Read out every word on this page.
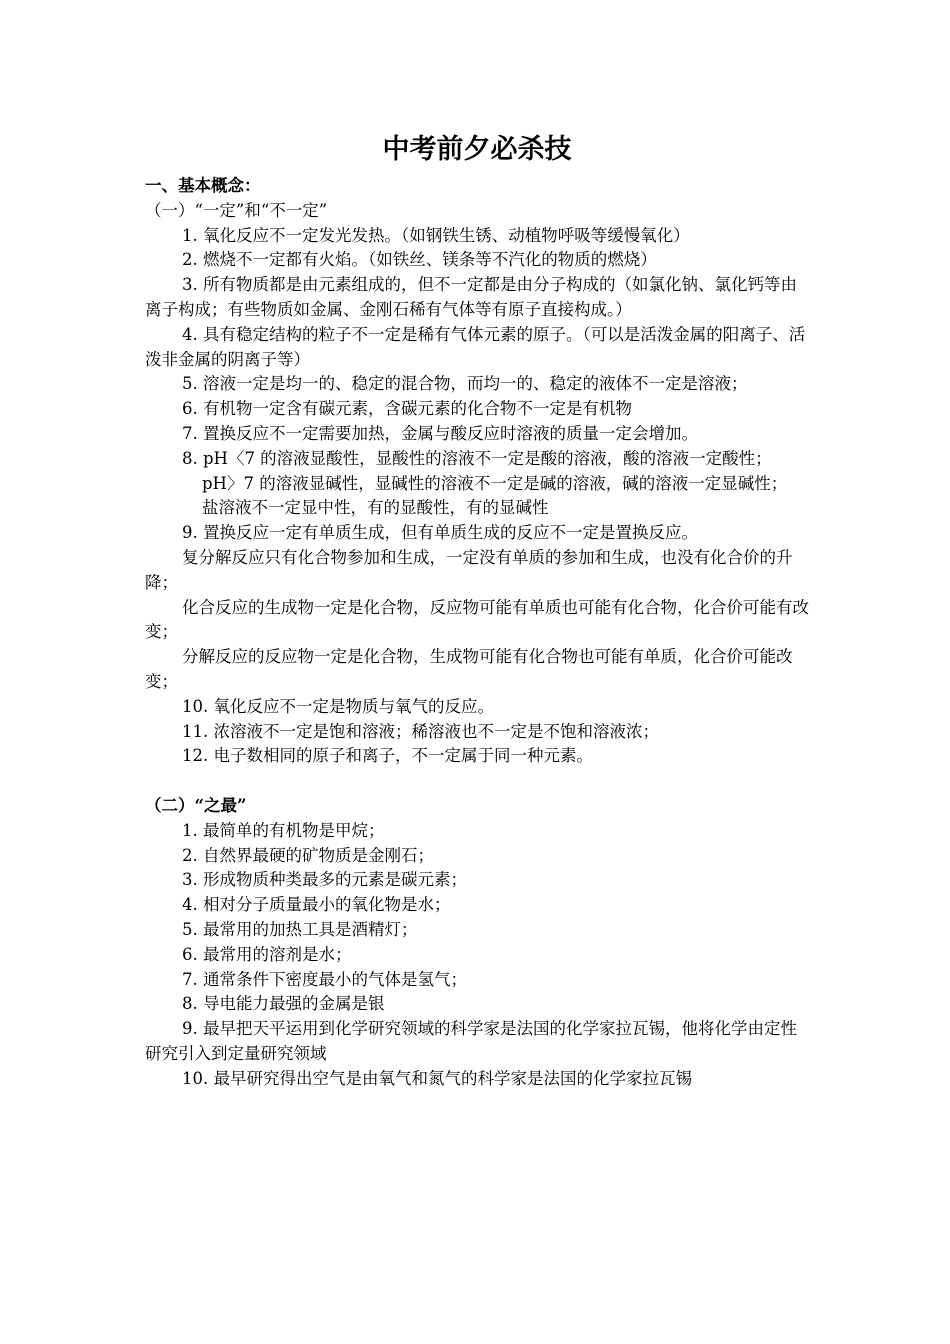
中考前夕必杀技
一、基本概念：
（一）“一定”和“不一定”
1. 氧化反应不一定发光发热。（如钢铁生锈、动植物呼吸等缓慢氧化）
2. 燃烧不一定都有火焰。（如铁丝、镁条等不汽化的物质的燃烧）
3. 所有物质都是由元素组成的，但不一定都是由分子构成的（如氯化钠、氯化钙等由离子构成；有些物质如金属、金刚石稀有气体等有原子直接构成。）
4. 具有稳定结构的粒子不一定是稀有气体元素的原子。（可以是活泼金属的阳离子、活泼非金属的阴离子等）
5. 溶液一定是均一的、稳定的混合物，而均一的、稳定的液体不一定是溶液；
6. 有机物一定含有碳元素，含碳元素的化合物不一定是有机物
7. 置换反应不一定需要加热，金属与酸反应时溶液的质量一定会增加。
8. pH〈7 的溶液显酸性，显酸性的溶液不一定是酸的溶液，酸的溶液一定酸性；
pH〉7 的溶液显碱性，显碱性的溶液不一定是碱的溶液，碱的溶液一定显碱性；
盐溶液不一定显中性，有的显酸性，有的显碱性
9. 置换反应一定有单质生成，但有单质生成的反应不一定是置换反应。
复分解反应只有化合物参加和生成，一定没有单质的参加和生成，也没有化合价的升降；
化合反应的生成物一定是化合物，反应物可能有单质也可能有化合物，化合价可能有改变；
分解反应的反应物一定是化合物，生成物可能有化合物也可能有单质，化合价可能改变；
10. 氧化反应不一定是物质与氧气的反应。
11. 浓溶液不一定是饱和溶液；稀溶液也不一定是不饱和溶液浓；
12. 电子数相同的原子和离子，不一定属于同一种元素。
（二）“之最”
1. 最简单的有机物是甲烷；
2. 自然界最硬的矿物质是金刚石；
3. 形成物质种类最多的元素是碳元素；
4. 相对分子质量最小的氧化物是水；
5. 最常用的加热工具是酒精灯；
6. 最常用的溶剂是水；
7. 通常条件下密度最小的气体是氢气；
8. 导电能力最强的金属是银
9. 最早把天平运用到化学研究领域的科学家是法国的化学家拉瓦锡，他将化学由定性研究引入到定量研究领域
10. 最早研究得出空气是由氧气和氮气的科学家是法国的化学家拉瓦锡
